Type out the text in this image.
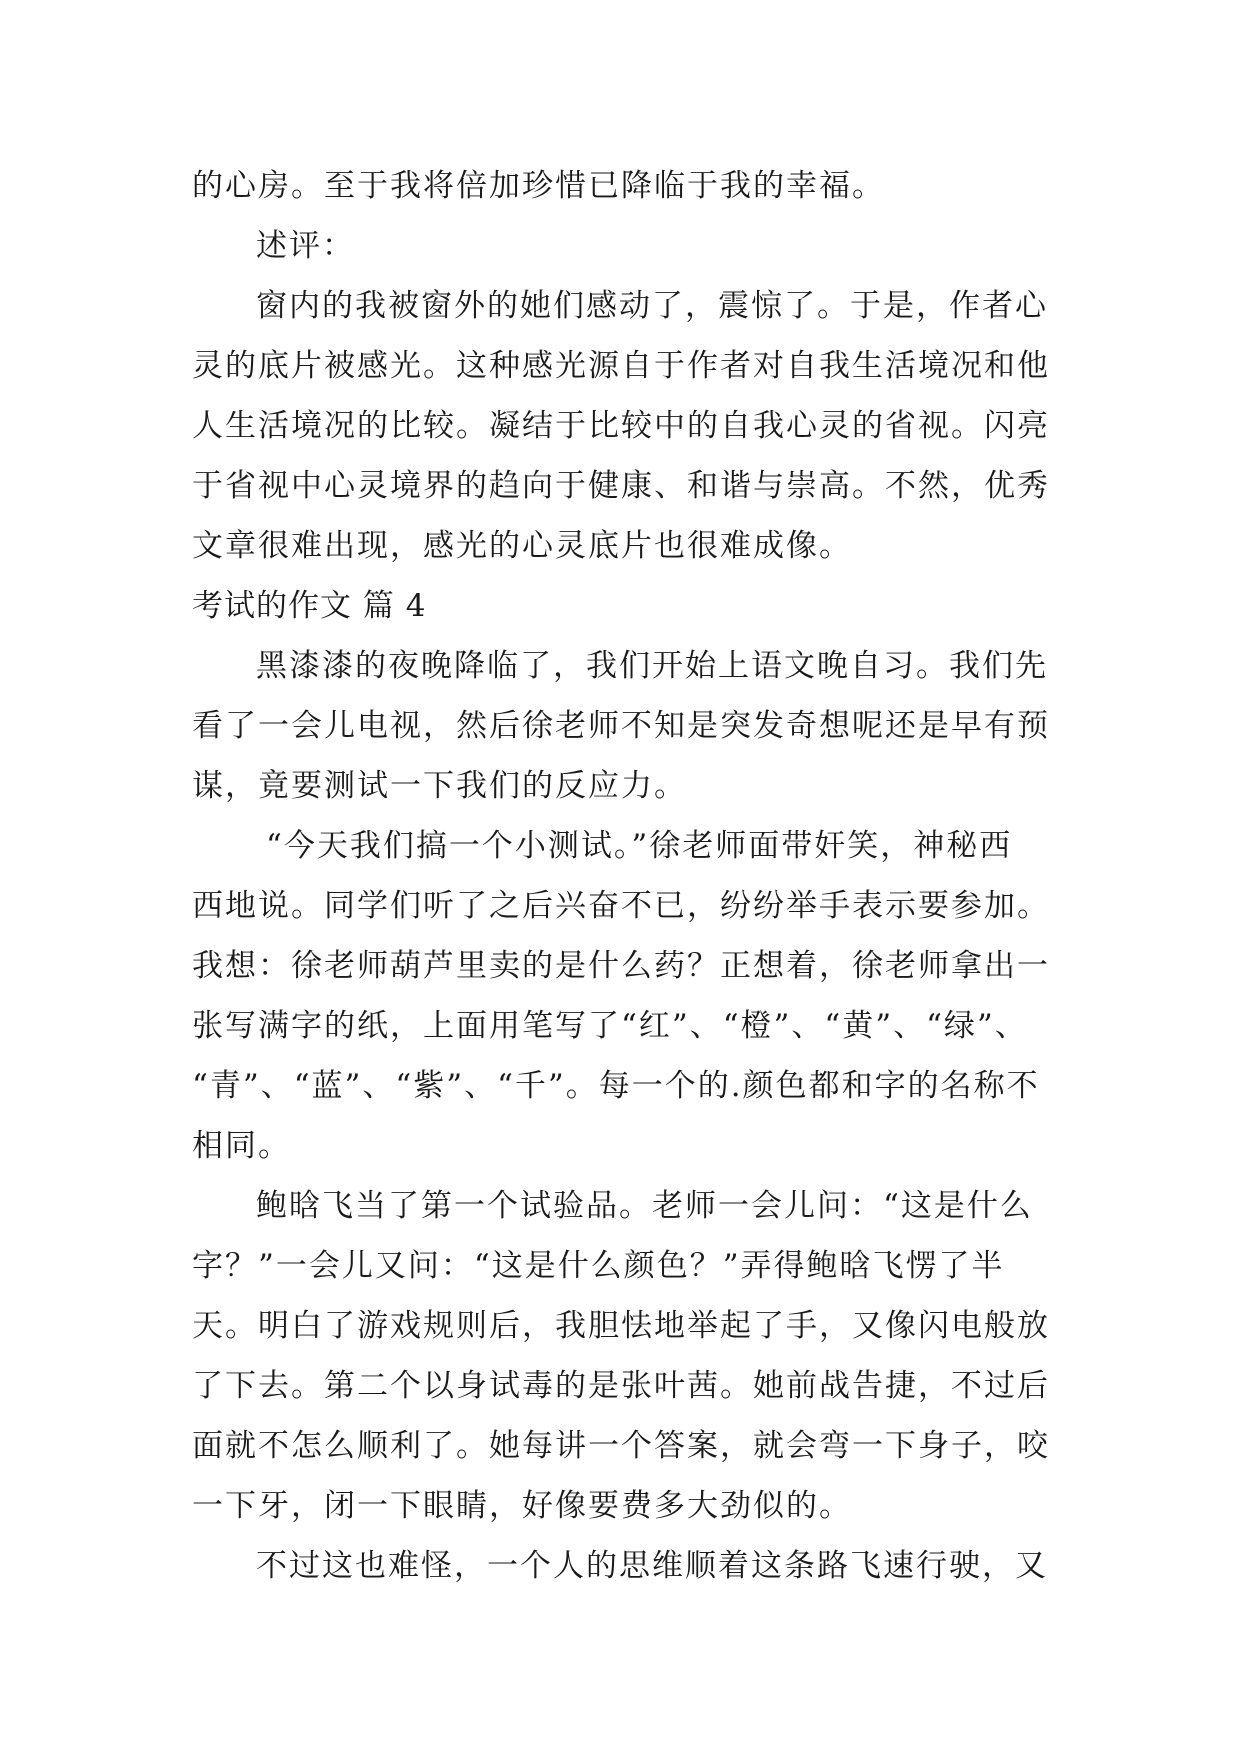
的心房。至于我将倍加珍惜已降临于我的幸福。
述评：
窗内的我被窗外的她们感动了，震惊了。于是，作者心
灵的底片被感光。这种感光源自于作者对自我生活境况和他
人生活境况的比较。凝结于比较中的自我心灵的省视。闪亮
于省视中心灵境界的趋向于健康、和谐与崇高。不然，优秀
文章很难出现，感光的心灵底片也很难成像。
考试的作文 篇 4
黑漆漆的夜晚降临了，我们开始上语文晚自习。我们先
看了一会儿电视，然后徐老师不知是突发奇想呢还是早有预
谋，竟要测试一下我们的反应力。
“今天我们搞一个小测试。”徐老师面带奸笑，神秘西
西地说。同学们听了之后兴奋不已，纷纷举手表示要参加。
我想：徐老师葫芦里卖的是什么药？正想着，徐老师拿出一
张写满字的纸，上面用笔写了“红”、“橙”、“黄”、“绿”、
“青”、“蓝”、“紫”、“千”。每一个的.颜色都和字的名称不
相同。
鲍晗飞当了第一个试验品。老师一会儿问：“这是什么
字？”一会儿又问：“这是什么颜色？”弄得鲍晗飞愣了半
天。明白了游戏规则后，我胆怯地举起了手，又像闪电般放
了下去。第二个以身试毒的是张叶茜。她前战告捷，不过后
面就不怎么顺利了。她每讲一个答案，就会弯一下身子，咬
一下牙，闭一下眼睛，好像要费多大劲似的。
不过这也难怪，一个人的思维顺着这条路飞速行驶，又
